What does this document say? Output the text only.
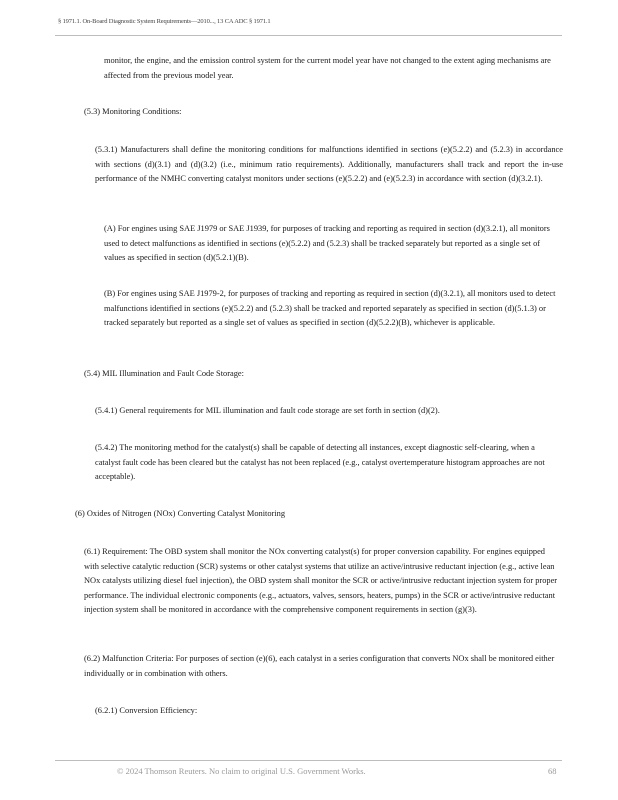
§ 1971.1. On-Board Diagnostic System Requirements—2010..., 13 CA ADC § 1971.1

monitor, the engine, and the emission control system for the current model year have not changed to the extent aging mechanisms are affected from the previous model year.

(5.3) Monitoring Conditions:

(5.3.1) Manufacturers shall define the monitoring conditions for malfunctions identified in sections (e)(5.2.2) and (5.2.3) in accordance with sections (d)(3.1) and (d)(3.2) (i.e., minimum ratio requirements). Additionally, manufacturers shall track and report the in-use performance of the NMHC converting catalyst monitors under sections (e)(5.2.2) and (e)(5.2.3) in accordance with section (d)(3.2.1).

(A) For engines using SAE J1979 or SAE J1939, for purposes of tracking and reporting as required in section (d)(3.2.1), all monitors used to detect malfunctions as identified in sections (e)(5.2.2) and (5.2.3) shall be tracked separately but reported as a single set of values as specified in section (d)(5.2.1)(B).

(B) For engines using SAE J1979-2, for purposes of tracking and reporting as required in section (d)(3.2.1), all monitors used to detect malfunctions identified in sections (e)(5.2.2) and (5.2.3) shall be tracked and reported separately as specified in section (d)(5.1.3) or tracked separately but reported as a single set of values as specified in section (d)(5.2.2)(B), whichever is applicable.

(5.4) MIL Illumination and Fault Code Storage:

(5.4.1) General requirements for MIL illumination and fault code storage are set forth in section (d)(2).

(5.4.2) The monitoring method for the catalyst(s) shall be capable of detecting all instances, except diagnostic self-clearing, when a catalyst fault code has been cleared but the catalyst has not been replaced (e.g., catalyst overtemperature histogram approaches are not acceptable).

(6) Oxides of Nitrogen (NOx) Converting Catalyst Monitoring

(6.1) Requirement: The OBD system shall monitor the NOx converting catalyst(s) for proper conversion capability. For engines equipped with selective catalytic reduction (SCR) systems or other catalyst systems that utilize an active/intrusive reductant injection (e.g., active lean NOx catalysts utilizing diesel fuel injection), the OBD system shall monitor the SCR or active/intrusive reductant injection system for proper performance. The individual electronic components (e.g., actuators, valves, sensors, heaters, pumps) in the SCR or active/intrusive reductant injection system shall be monitored in accordance with the comprehensive component requirements in section (g)(3).

(6.2) Malfunction Criteria: For purposes of section (e)(6), each catalyst in a series configuration that converts NOx shall be monitored either individually or in combination with others.

(6.2.1) Conversion Efficiency:

© 2024 Thomson Reuters. No claim to original U.S. Government Works.	68
